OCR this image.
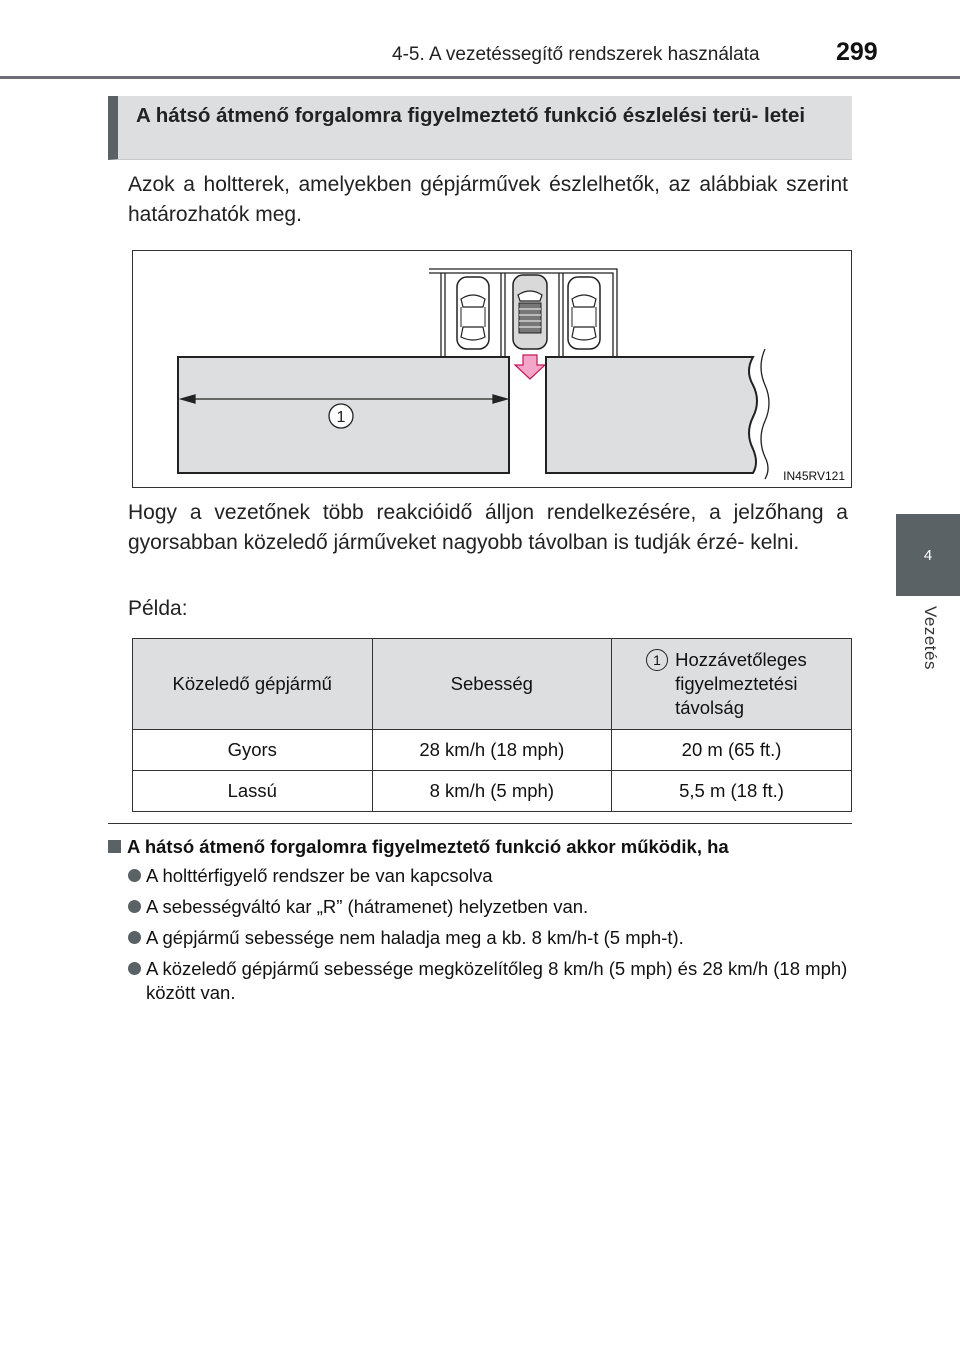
4-5. A vezetéssegítő rendszerek használata	299
4
Vezetés
A hátsó átmenő forgalomra figyelmeztető funkció észlelési terü- letei
Azok a holtterek, amelyekben gépjárművek észlelhetők, az alábbiak szerint határozhatók meg.
1
IN45RV121
Hogy a vezetőnek több reakcióidő álljon rendelkezésére, a jelzőhang a gyorsabban közeledő járműveket nagyobb távolban is tudják érzé- kelni.
Példa:
Közeledő gépjármű	Sebesség	1 Hozzávetőleges figyelmeztetési távolság

Gyors	28 km/h (18 mph)	20 m (65 ft.)
Lassú	8 km/h (5 mph)	5,5 m (18 ft.)
A hátsó átmenő forgalomra figyelmeztető funkció akkor működik, ha
A holttérfigyelő rendszer be van kapcsolva
A sebességváltó kar „R” (hátramenet) helyzetben van.
A gépjármű sebessége nem haladja meg a kb. 8 km/h-t (5 mph-t).
A közeledő gépjármű sebessége megközelítőleg 8 km/h (5 mph) és 28 km/h (18 mph) között van.
